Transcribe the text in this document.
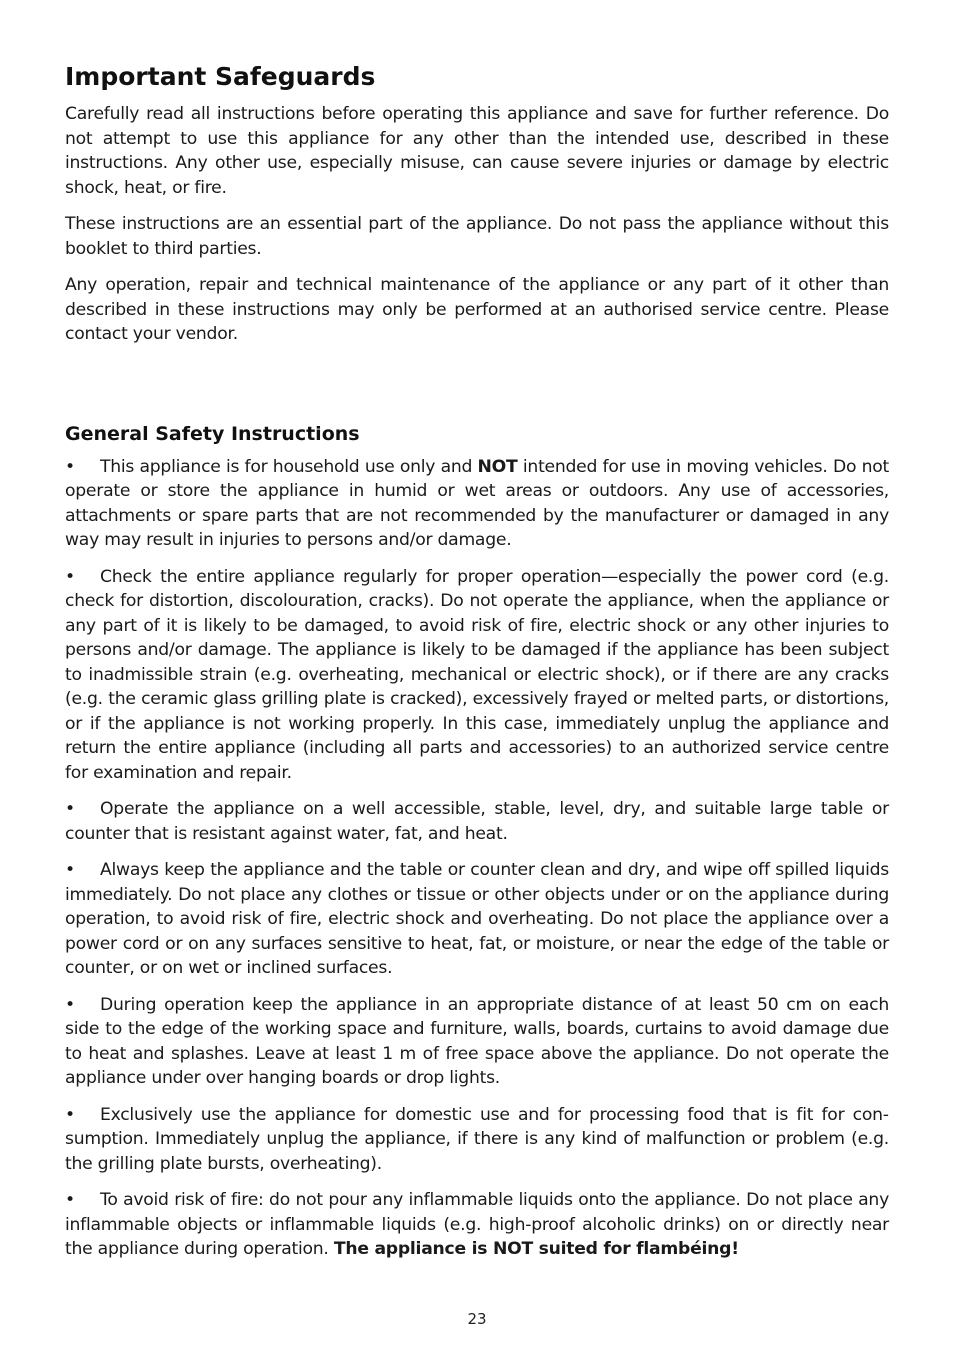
Important Safeguards

Carefully read all instructions before operating this appliance and save for further reference. Do not attempt to use this appliance for any other than the intended use, described in these instructions. Any other use, especially misuse, can cause severe injuries or damage by electric shock, heat, or fire.

These instructions are an essential part of the appliance. Do not pass the appliance without this booklet to third parties.

Any operation, repair and technical maintenance of the appliance or any part of it other than described in these instructions may only be performed at an authorised service centre. Please contact your vendor.

General Safety Instructions
• This appliance is for household use only and NOT intended for use in moving vehicles. Do not operate or store the appliance in humid or wet areas or outdoors. Any use of accessories, attachments or spare parts that are not recommended by the manufacturer or damaged in any way may result in injuries to persons and/or damage.
• Check the entire appliance regularly for proper operation—especially the power cord (e.g. check for distortion, discolouration, cracks). Do not operate the appliance, when the appliance or any part of it is likely to be damaged, to avoid risk of fire, electric shock or any other injuries to persons and/or damage. The appliance is likely to be damaged if the appliance has been subject to inadmissible strain (e.g. overheating, mechanical or electric shock), or if there are any cracks (e.g. the ceramic glass grilling plate is cracked), excessively frayed or melted parts, or distortions, or if the appliance is not working properly. In this case, immediately unplug the appliance and return the entire appliance (including all parts and accessories) to an authorized service centre for examination and repair.
• Operate the appliance on a well accessible, stable, level, dry, and suitable large table or counter that is resistant against water, fat, and heat.
• Always keep the appliance and the table or counter clean and dry, and wipe off spilled liquids immediately. Do not place any clothes or tissue or other objects under or on the appliance during operation, to avoid risk of fire, electric shock and overheating. Do not place the appliance over a power cord or on any surfaces sensitive to heat, fat, or moisture, or near the edge of the table or counter, or on wet or inclined surfaces.
• During operation keep the appliance in an appropriate distance of at least 50 cm on each side to the edge of the working space and furniture, walls, boards, curtains to avoid damage due to heat and splashes. Leave at least 1 m of free space above the appliance. Do not operate the appliance under over hanging boards or drop lights.
• Exclusively use the appliance for domestic use and for processing food that is fit for consumption. Immediately unplug the appliance, if there is any kind of malfunction or problem (e.g. the grilling plate bursts, overheating).
• To avoid risk of fire: do not pour any inflammable liquids onto the appliance. Do not place any inflammable objects or inflammable liquids (e.g. high-proof alcoholic drinks) on or directly near the appliance during operation. The appliance is NOT suited for flambéing!
23
